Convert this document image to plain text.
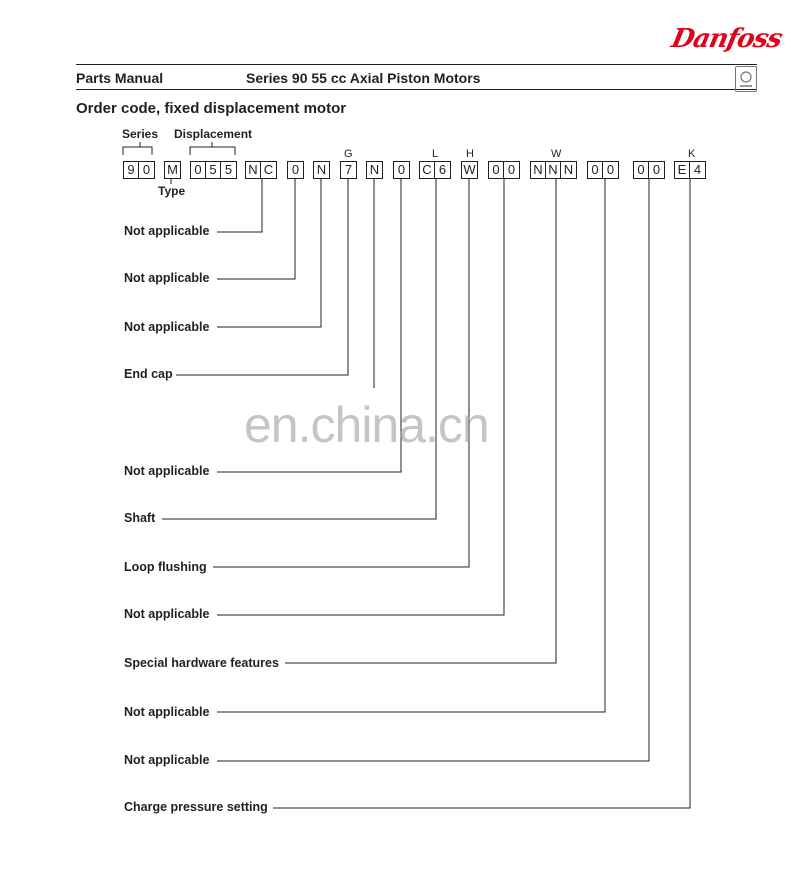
Danfoss
Parts Manual	Series 90 55 cc Axial Piston Motors
Order code, fixed displacement motor
Series Displacement
Type
9 0 M 0 5 5 N C 0 N 7 N 0 C 6 W 0 0 N N N 0 0 0 0 E 4
G	L	H	W	K
Not applicable
Not applicable
Not applicable
End cap
Not applicable
Shaft
Loop flushing
Not applicable
Special hardware features
Not applicable
Not applicable
Charge pressure setting
en.china.cn
